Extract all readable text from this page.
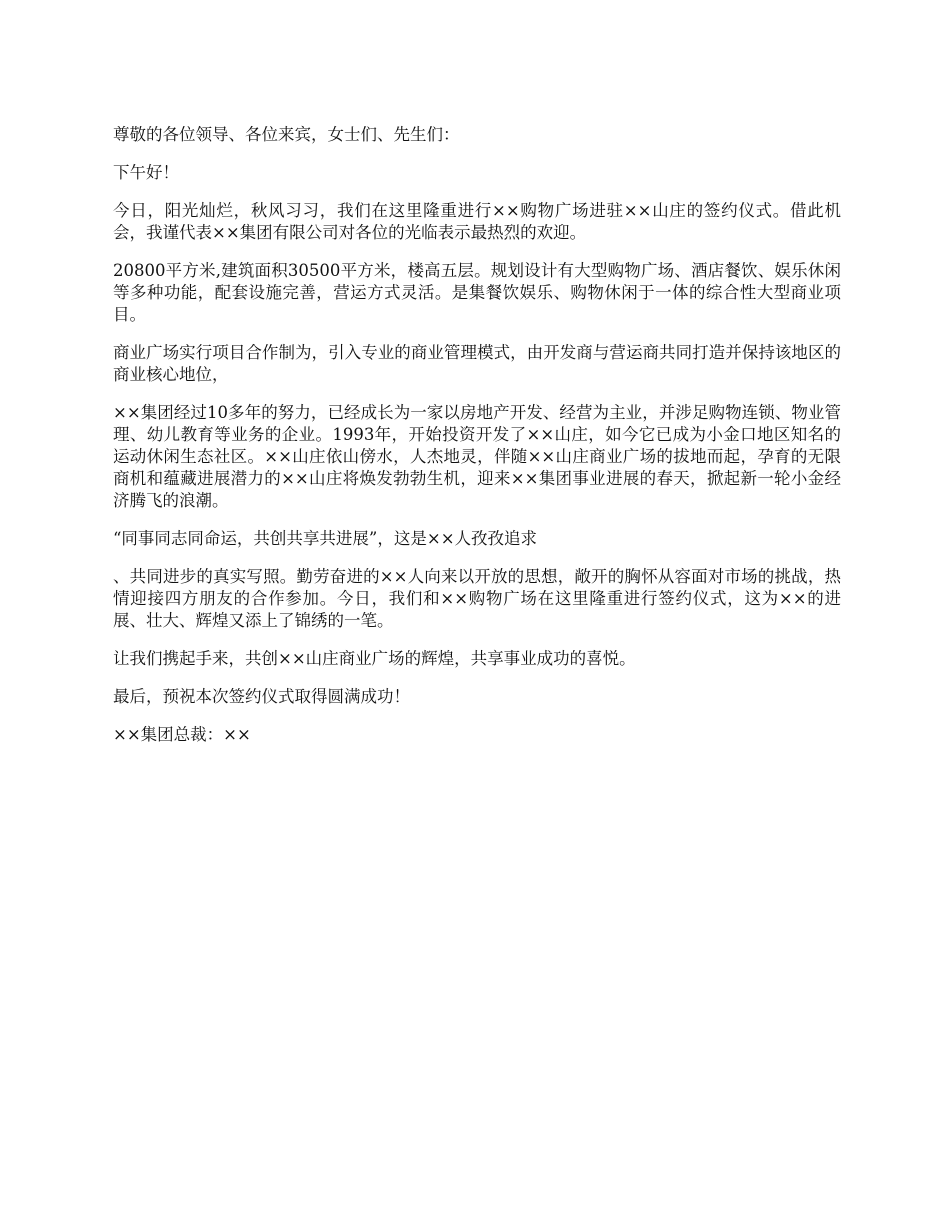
尊敬的各位领导、各位来宾，女士们、先生们：

下午好！

今日，阳光灿烂，秋风习习，我们在这里隆重进行××购物广场进驻××山庄的签约仪式。借此机会，我谨代表××集团有限公司对各位的光临表示最热烈的欢迎。

20800平方米,建筑面积30500平方米，楼高五层。规划设计有大型购物广场、酒店餐饮、娱乐休闲等多种功能，配套设施完善，营运方式灵活。是集餐饮娱乐、购物休闲于一体的综合性大型商业项目。

商业广场实行项目合作制为，引入专业的商业管理模式，由开发商与营运商共同打造并保持该地区的商业核心地位，

××集团经过10多年的努力，已经成长为一家以房地产开发、经营为主业，并涉足购物连锁、物业管理、幼儿教育等业务的企业。1993年，开始投资开发了××山庄，如今它已成为小金口地区知名的运动休闲生态社区。××山庄依山傍水，人杰地灵，伴随××山庄商业广场的拔地而起，孕育的无限商机和蕴藏进展潜力的××山庄将焕发勃勃生机，迎来××集团事业进展的春天，掀起新一轮小金经济腾飞的浪潮。

“同事同志同命运，共创共享共进展”，这是××人孜孜追求

、共同进步的真实写照。勤劳奋进的××人向来以开放的思想，敞开的胸怀从容面对市场的挑战，热情迎接四方朋友的合作参加。今日，我们和××购物广场在这里隆重进行签约仪式，这为××的进展、壮大、辉煌又添上了锦绣的一笔。

让我们携起手来，共创××山庄商业广场的辉煌，共享事业成功的喜悦。

最后，预祝本次签约仪式取得圆满成功！

××集团总裁：××
